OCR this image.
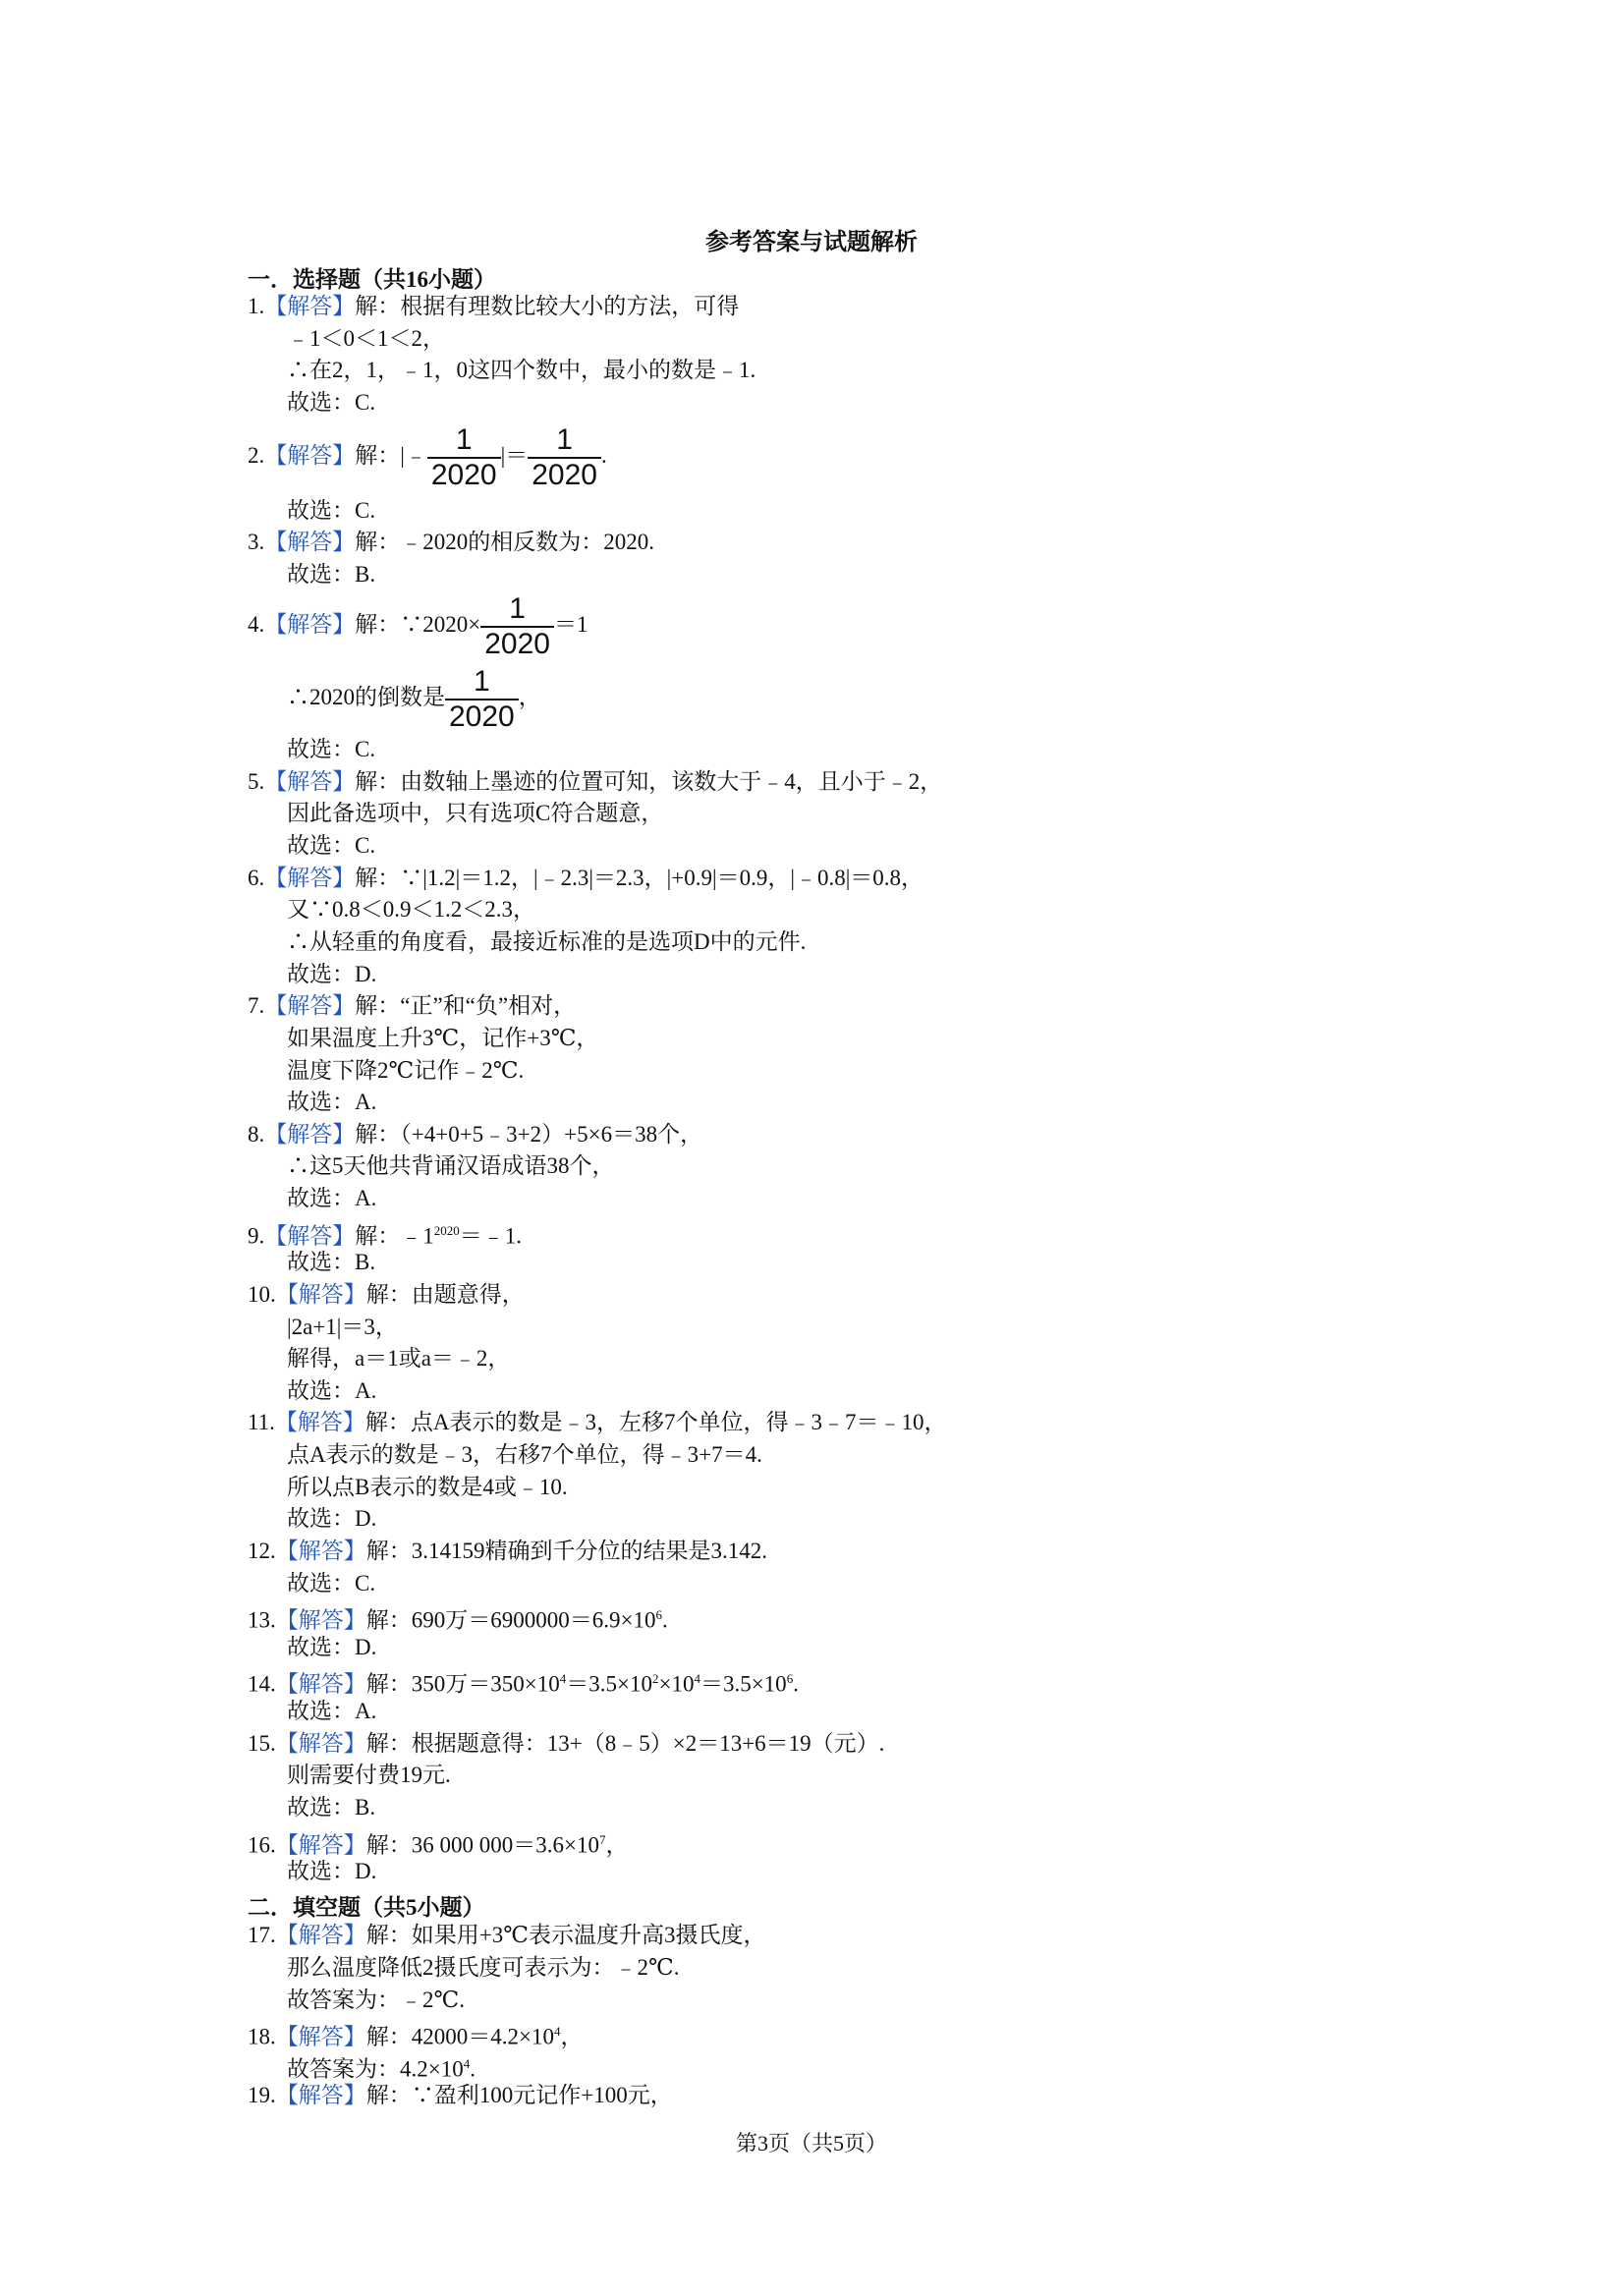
参考答案与试题解析
一．选择题（共16小题）
1.【解答】解：根据有理数比较大小的方法，可得
﹣1＜0＜1＜2，
∴在2，1，﹣1，0这四个数中，最小的数是﹣1.
故选：C.
2.【解答】解：|﹣ $\frac{1}{2020}$ |＝ $\frac{1}{2020}$ .
故选：C.
3.【解答】解：﹣2020的相反数为：2020.
故选：B.
4.【解答】解：∵2020× $\frac{1}{2020} =1$
∴2020的倒数是 $\frac{1}{2020}$ ，
故选：C.
5.【解答】解：由数轴上墨迹的位置可知，该数大于﹣4，且小于﹣2，
因此备选项中，只有选项C符合题意，
故选：C.
6.【解答】解：∵|1.2|＝1.2，|﹣2.3|＝2.3，|+0.9|＝0.9，|﹣0.8|＝0.8，
又∵0.8＜0.9＜1.2＜2.3，
∴从轻重的角度看，最接近标准的是选项D中的元件.
故选：D.
7.【解答】解：“正”和“负”相对，
如果温度上升3℃，记作+3℃，
温度下降2℃记作﹣2℃.
故选：A.
8.【解答】解：（+4+0+5﹣3+2）+5×6＝38个，
∴这5天他共背诵汉语成语38个，
故选：A.
9.【解答】解：$﹣1^{2020}=﹣1$.
故选：B.
10.【解答】解：由题意得，
|2a+1|＝3，
解得，a＝1或a＝﹣2，
故选：A.
11.【解答】解：点A表示的数是﹣3，左移7个单位，得﹣3﹣7＝﹣10，
点A表示的数是﹣3，右移7个单位，得﹣3+7＝4.
所以点B表示的数是4或﹣10.
故选：D.
12.【解答】解：3.14159精确到千分位的结果是3.142.
故选：C.
13.【解答】解：690万$=6900000=6.9\times 10^6$.
故选：D.
14.【解答】解：350万$=350\times 10^4=3.5\times 10^2\times 10^4=3.5\times 10^6$.
故选：A.
15.【解答】解：根据题意得：13+（8﹣5）×2＝13+6＝19（元）.
则需要付费19元.
故选：B.
16.【解答】解：36 000 $000=3.6\times 10^7$，
故选：D.
二．填空题（共5小题）
17.【解答】解：如果用+3℃表示温度升高3摄氏度，
那么温度降低2摄氏度可表示为：﹣2℃.
故答案为：﹣2℃.
18.【解答】解：$42000=4.2\times 10^4$，
故答案为：$4.2\times 10^4$.
19.【解答】解：∵盈利100元记作+100元，
第3页（共5页）
